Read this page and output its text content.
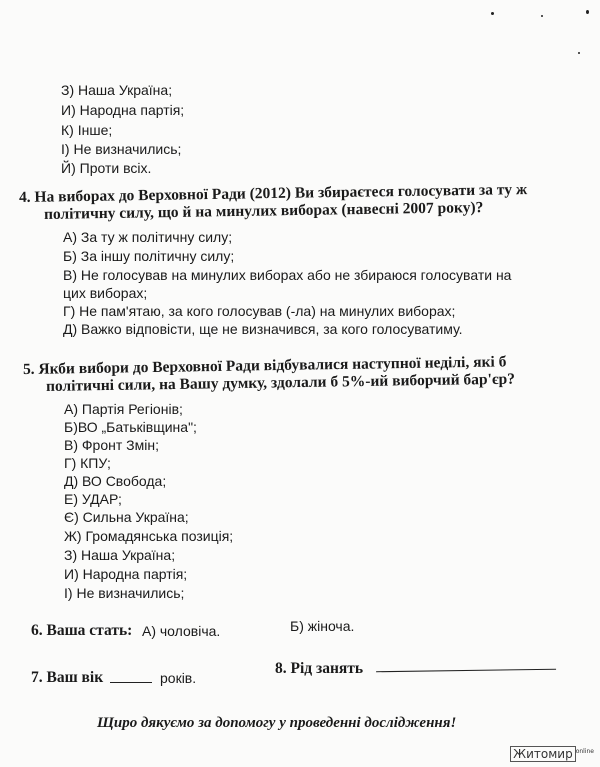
З) Наша Україна;
И) Народна партія;
К) Інше;
І) Не визначились;
Й) Проти всіх.
4. На виборах до Верховної Ради (2012) Ви збираєтеся голосувати за ту ж
політичну силу, що й на минулих виборах (навесні 2007 року)?
А) За ту ж політичну силу;
Б) За іншу політичну силу;
В) Не голосував на минулих виборах або не збираюся голосувати на
цих виборах;
Г) Не пам'ятаю, за кого голосував (-ла) на минулих виборах;
Д) Важко відповісти, ще не визначився, за кого голосуватиму.
5. Якби вибори до Верховної Ради відбувалися наступної неділі, які б
політичні сили, на Вашу думку, здолали б 5%-ий виборчий бар'єр?
А) Партія Регіонів;
Б)ВО „Батьківщина";
В) Фронт Змін;
Г) КПУ;
Д) ВО Свобода;
Е) УДАР;
Є) Сильна Україна;
Ж) Громадянська позиція;
З) Наша Україна;
И) Народна партія;
І) Не визначились;
6. Ваша стать: А) чоловіча.	Б) жіноча.
7. Ваш вік	років.
8. Рід занять
Щиро дякуємо за допомогу у проведенні дослідження!
Житомир $^{online}$
